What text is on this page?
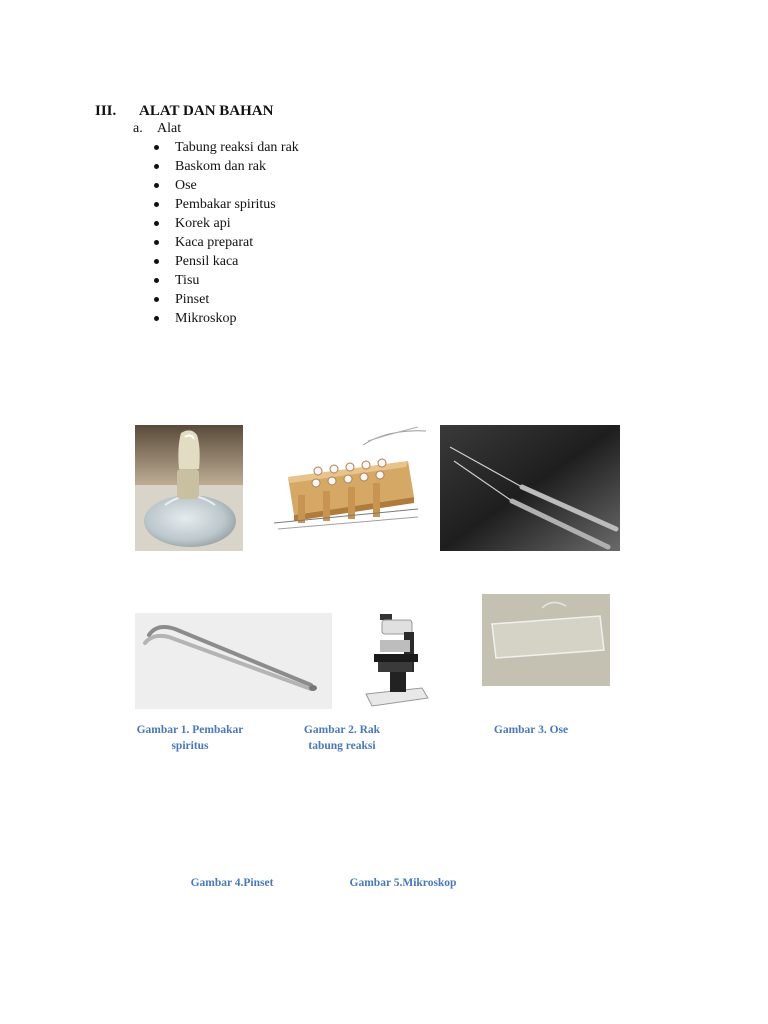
III. ALAT DAN BAHAN
a. Alat
Tabung reaksi dan rak
Baskom dan rak
Ose
Pembakar spiritus
Korek api
Kaca preparat
Pensil kaca
Tisu
Pinset
Mikroskop
Gambar 1. Pembakar
spiritus
Gambar 2. Rak
tabung reaksi
Gambar 3. Ose
Gambar 4.Pinset	Gambar 5.Mikroskop
